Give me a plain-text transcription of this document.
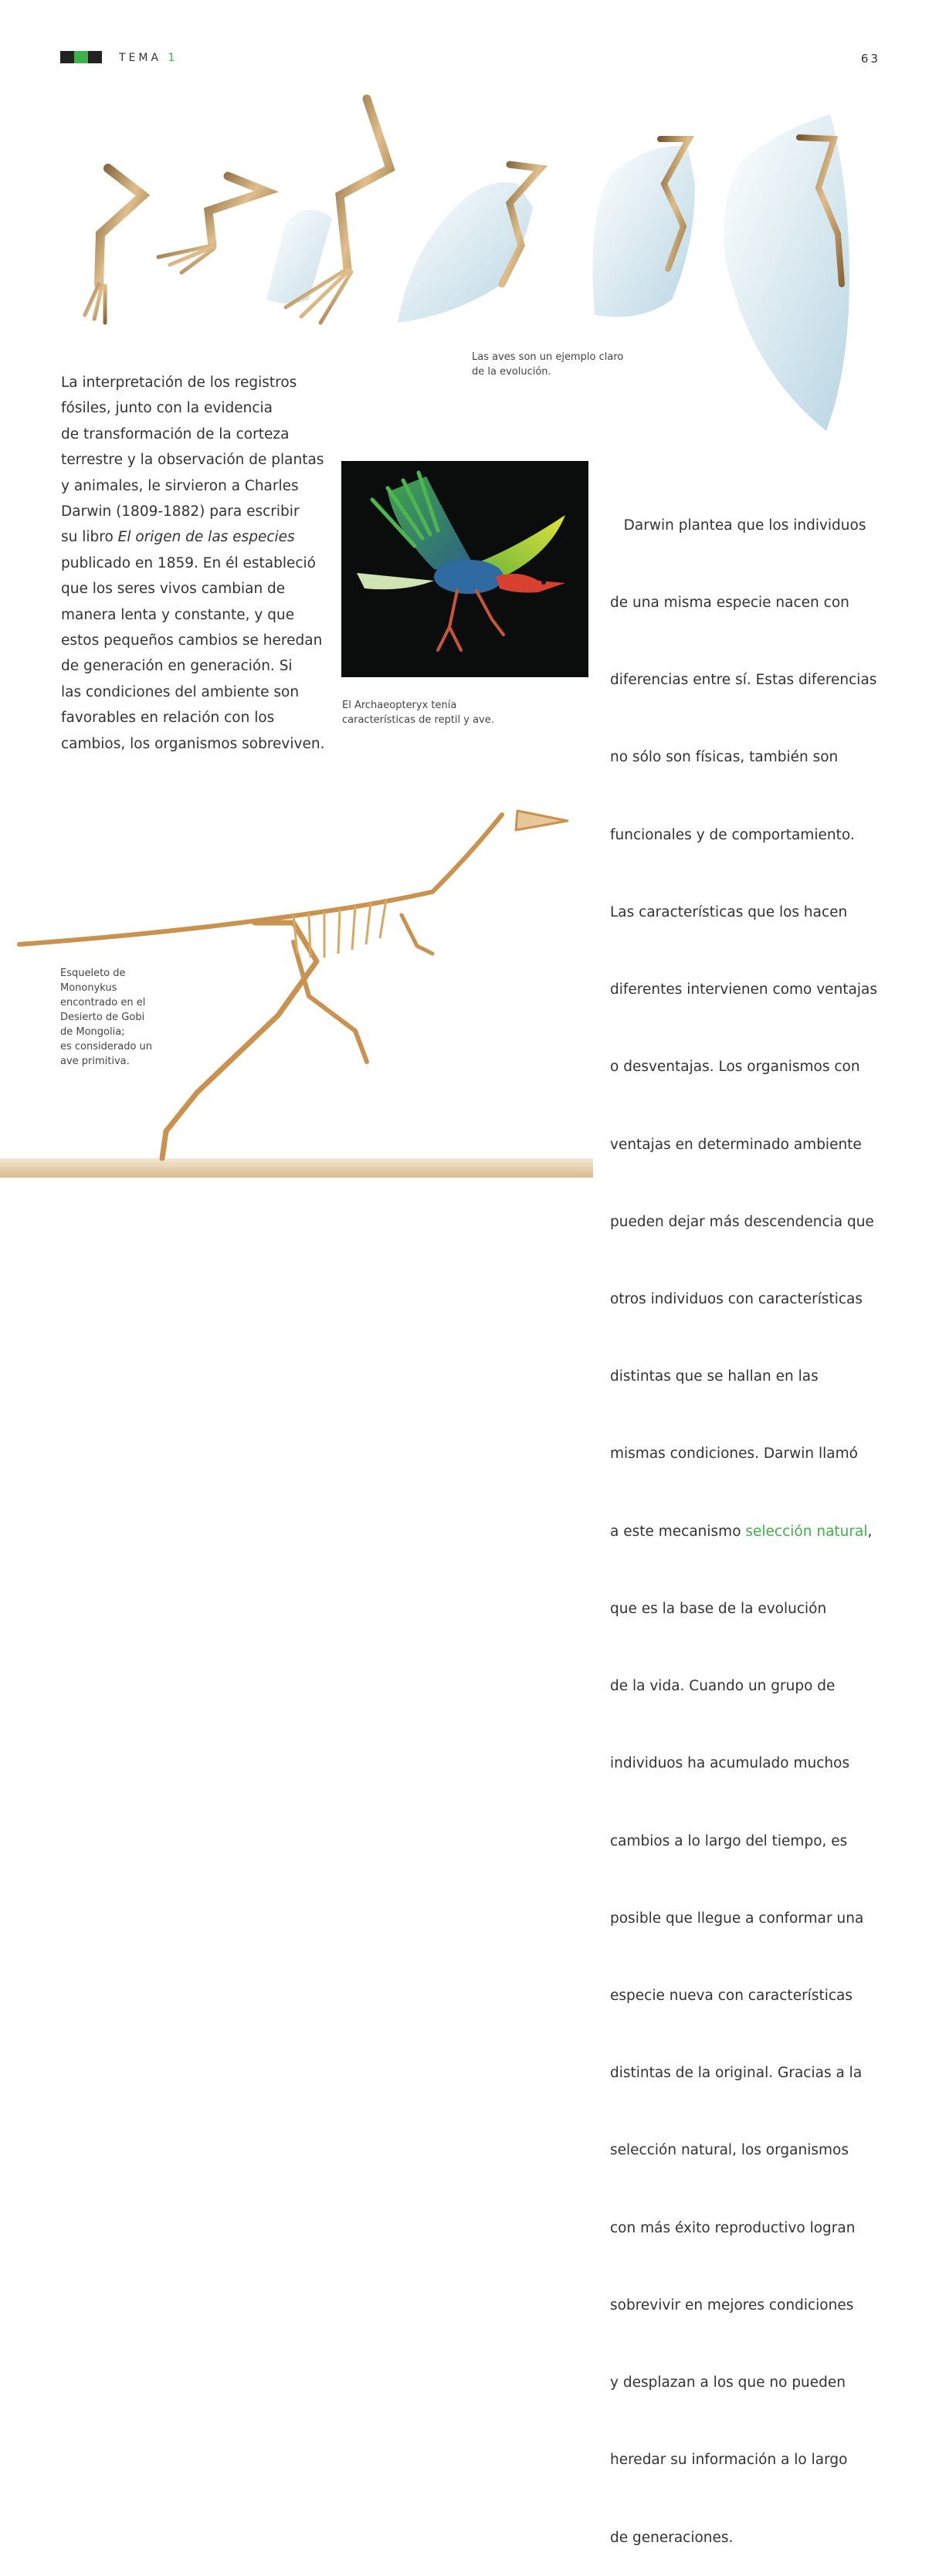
TEMA 1	63
Las aves son un ejemplo claro
de la evolución.
La interpretación de los registros
fósiles, junto con la evidencia
de transformación de la corteza
terrestre y la observación de plantas
y animales, le sirvieron a Charles
Darwin (1809-1882) para escribir
su libro El origen de las especies
publicado en 1859. En él estableció
que los seres vivos cambian de
manera lenta y constante, y que
estos pequeños cambios se heredan
de generación en generación. Si
las condiciones del ambiente son
favorables en relación con los
cambios, los organismos sobreviven.
El Archaeopteryx tenía
características de reptil y ave.
Esqueleto de
Mononykus
encontrado en el
Desierto de Gobi
de Mongolia;
es considerado un
ave primitiva.

Darwin plantea que los individuos

de una misma especie nacen con

diferencias entre sí. Estas diferencias

no sólo son físicas, también son

funcionales y de comportamiento.

Las características que los hacen

diferentes intervienen como ventajas

o desventajas. Los organismos con

ventajas en determinado ambiente

pueden dejar más descendencia que

otros individuos con características

distintas que se hallan en las

mismas condiciones. Darwin llamó

a este mecanismo selección natural,

que es la base de la evolución

de la vida. Cuando un grupo de

individuos ha acumulado muchos

cambios a lo largo del tiempo, es

posible que llegue a conformar una

especie nueva con características

distintas de la original. Gracias a la

selección natural, los organismos

con más éxito reproductivo logran

sobrevivir en mejores condiciones

y desplazan a los que no pueden

heredar su información a lo largo

de generaciones.
